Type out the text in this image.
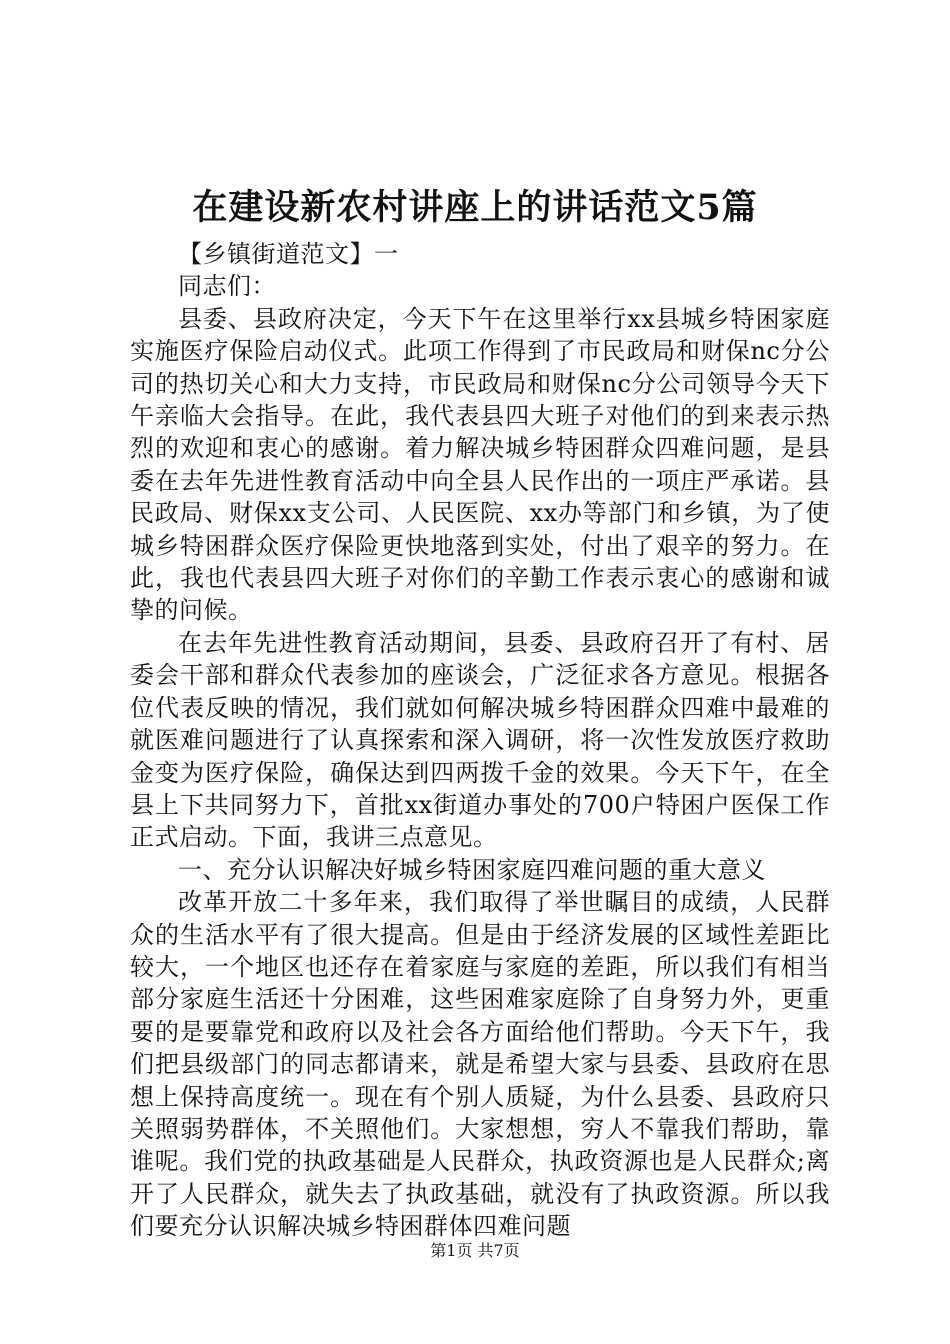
在建设新农村讲座上的讲话范文5篇

【乡镇街道范文】一

同志们：

县委、县政府决定，今天下午在这里举行xx县城乡特困家庭实施医疗保险启动仪式。此项工作得到了市民政局和财保nc分公司的热切关心和大力支持，市民政局和财保nc分公司领导今天下午亲临大会指导。在此，我代表县四大班子对他们的到来表示热烈的欢迎和衷心的感谢。着力解决城乡特困群众四难问题，是县委在去年先进性教育活动中向全县人民作出的一项庄严承诺。县民政局、财保xx支公司、人民医院、xx办等部门和乡镇，为了使城乡特困群众医疗保险更快地落到实处，付出了艰辛的努力。在此，我也代表县四大班子对你们的辛勤工作表示衷心的感谢和诚挚的问候。

在去年先进性教育活动期间，县委、县政府召开了有村、居委会干部和群众代表参加的座谈会，广泛征求各方意见。根据各位代表反映的情况，我们就如何解决城乡特困群众四难中最难的就医难问题进行了认真探索和深入调研，将一次性发放医疗救助金变为医疗保险，确保达到四两拨千金的效果。今天下午，在全县上下共同努力下，首批xx街道办事处的700户特困户医保工作正式启动。下面，我讲三点意见。

一、充分认识解决好城乡特困家庭四难问题的重大意义

改革开放二十多年来，我们取得了举世瞩目的成绩，人民群众的生活水平有了很大提高。但是由于经济发展的区域性差距比较大，一个地区也还存在着家庭与家庭的差距，所以我们有相当部分家庭生活还十分困难，这些困难家庭除了自身努力外，更重要的是要靠党和政府以及社会各方面给他们帮助。今天下午，我们把县级部门的同志都请来，就是希望大家与县委、县政府在思想上保持高度统一。现在有个别人质疑，为什么县委、县政府只关照弱势群体，不关照他们。大家想想，穷人不靠我们帮助，靠谁呢。我们党的执政基础是人民群众，执政资源也是人民群众;离开了人民群众，就失去了执政基础，就没有了执政资源。所以我们要充分认识解决城乡特困群体四难问题

第1页 共7页
